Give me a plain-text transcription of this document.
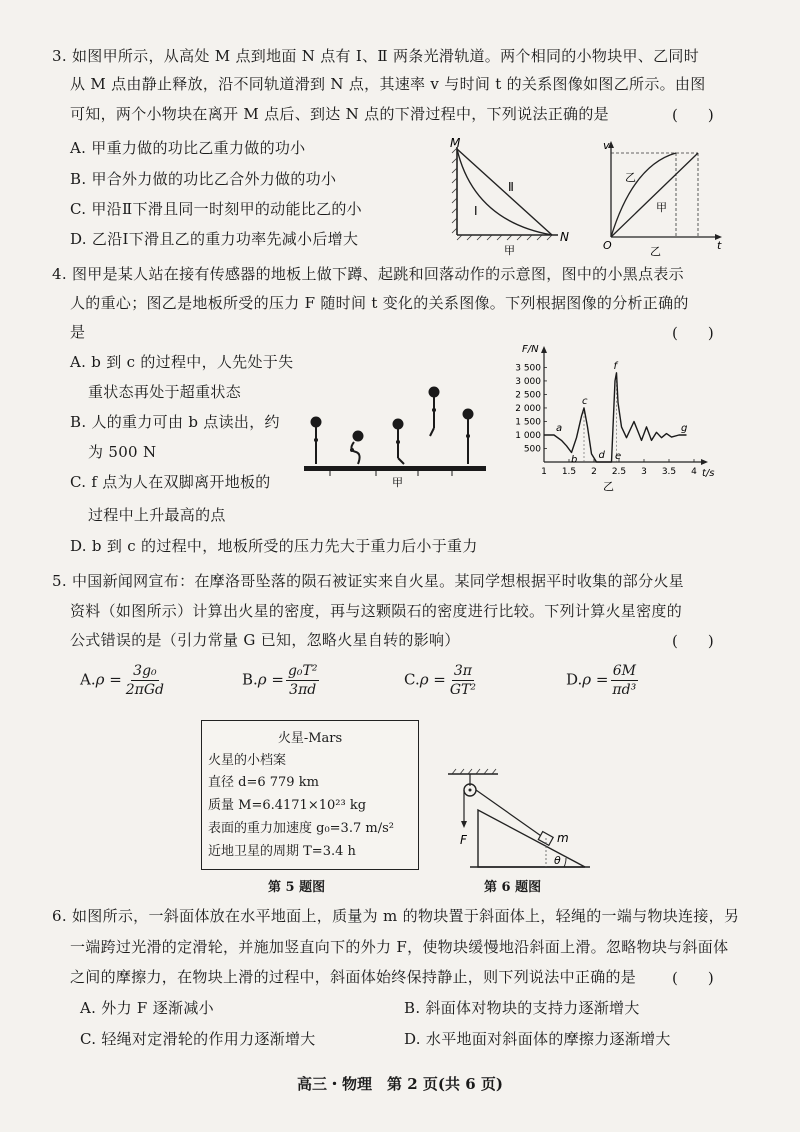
3. 如图甲所示，从高处 M 点到地面 N 点有 Ⅰ、Ⅱ 两条光滑轨道。两个相同的小物块甲、乙同时
从 M 点由静止释放，沿不同轨道滑到 N 点，其速率 v 与时间 t 的关系图像如图乙所示。由图
可知，两个小物块在离开 M 点后、到达 N 点的下滑过程中，下列说法正确的是	(　　)
A. 甲重力做的功比乙重力做的功小
B. 甲合外力做的功比乙合外力做的功小
C. 甲沿Ⅱ下滑且同一时刻甲的动能比乙的小
D. 乙沿Ⅰ下滑且乙的重力功率先减小后增大
M
N
Ⅰ
Ⅱ
甲
v
t
O
乙
甲
乙
4. 图甲是某人站在接有传感器的地板上做下蹲、起跳和回落动作的示意图，图中的小黑点表示
人的重心；图乙是地板所受的压力 F 随时间 t 变化的关系图像。下列根据图像的分析正确的
是	(　　)
A. b 到 c 的过程中，人先处于失
重状态再处于超重状态
B. 人的重力可由 b 点读出，约
为 500 N
C. f 点为人在双脚离开地板的
过程中上升最高的点
D. b 到 c 的过程中，地板所受的压力先大于重力后小于重力
甲
F/N
t/s
500
1 000
1 500
2 000
2 500
3 000
3 500
1 1.5 2 2.5 3 3.5 4
a
b
c
d e
f
g
乙
5. 中国新闻网宣布：在摩洛哥坠落的陨石被证实来自火星。某同学想根据平时收集的部分火星
资料（如图所示）计算出火星的密度，再与这颗陨石的密度进行比较。下列计算火星密度的
公式错误的是（引力常量 G 已知，忽略火星自转的影响）	(　　)
$A.\rho = \frac{\text{3g₀}}{\text{2πGd}}$	$B.\rho = \frac{\text{g₀T²}}{3\pi d}$	$C.\rho = \frac{3\pi}{\text{GT²}}$	$D.\rho = \frac{6M}{\text{πd³}}$
火星-Mars
火星的小档案
直径 d=6 779 km
质量 M=6.4171×10²³ kg
表面的重力加速度 g₀=3.7 m/s²
近地卫星的周期 T=3.4 h
第 5 题图
F	m
θ
第 6 题图
6. 如图所示，一斜面体放在水平地面上，质量为 m 的物块置于斜面体上，轻绳的一端与物块连接，另
一端跨过光滑的定滑轮，并施加竖直向下的外力 F，使物块缓慢地沿斜面上滑。忽略物块与斜面体
之间的摩擦力，在物块上滑的过程中，斜面体始终保持静止，则下列说法中正确的是 (　　)
A. 外力 F 逐渐减小	B. 斜面体对物块的支持力逐渐增大
C. 轻绳对定滑轮的作用力逐渐增大	D. 水平地面对斜面体的摩擦力逐渐增大
高三・物理　第 2 页(共 6 页)
